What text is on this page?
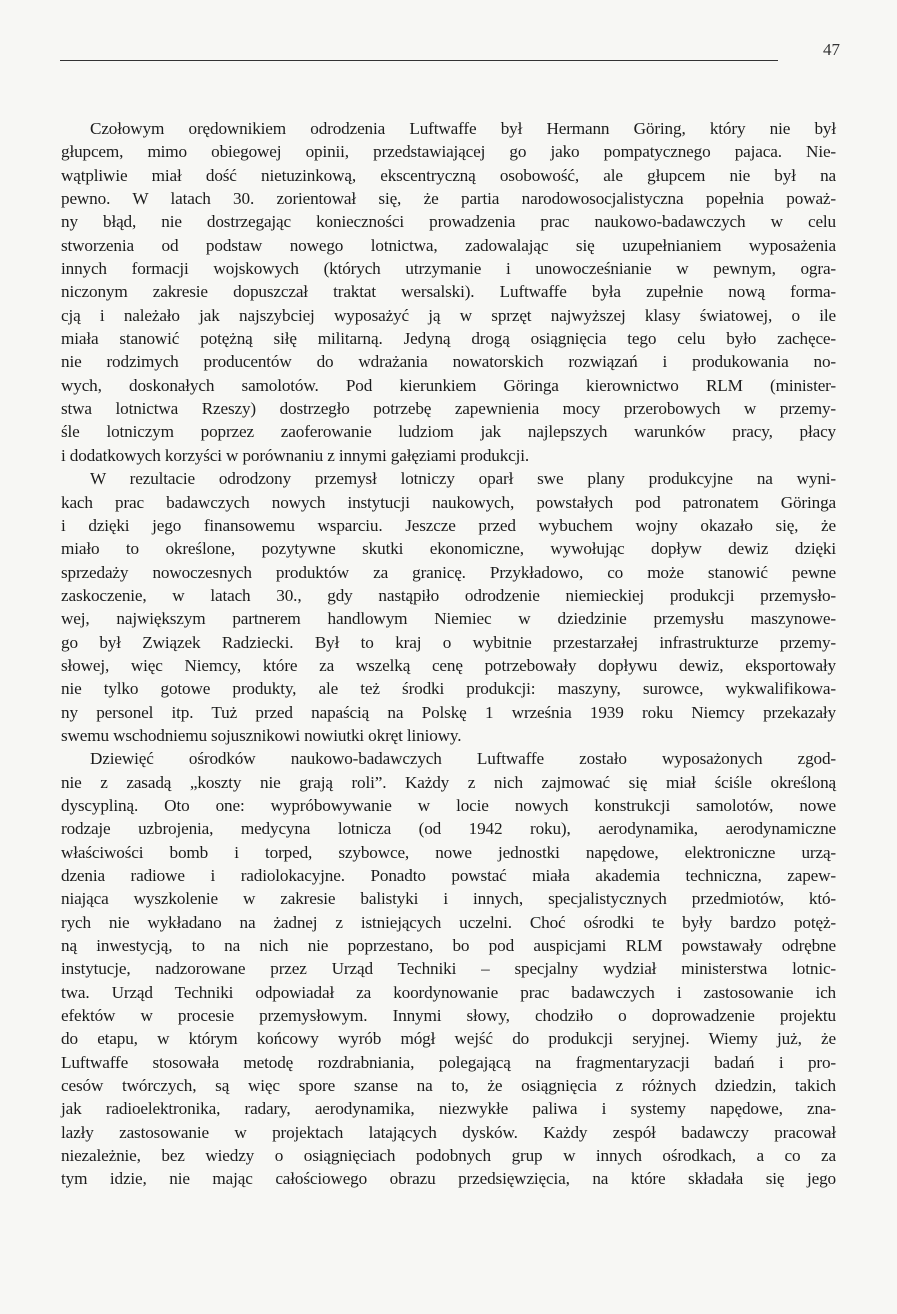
47
Czołowym orędownikiem odrodzenia Luftwaffe był Hermann Göring, który nie był
głupcem, mimo obiegowej opinii, przedstawiającej go jako pompatycznego pajaca. Nie-
wątpliwie miał dość nietuzinkową, ekscentryczną osobowość, ale głupcem nie był na
pewno. W latach 30. zorientował się, że partia narodowosocjalistyczna popełnia poważ-
ny błąd, nie dostrzegając konieczności prowadzenia prac naukowo-badawczych w celu
stworzenia od podstaw nowego lotnictwa, zadowalając się uzupełnianiem wyposażenia
innych formacji wojskowych (których utrzymanie i unowocześnianie w pewnym, ogra-
niczonym zakresie dopuszczał traktat wersalski). Luftwaffe była zupełnie nową forma-
cją i należało jak najszybciej wyposażyć ją w sprzęt najwyższej klasy światowej, o ile
miała stanowić potężną siłę militarną. Jedyną drogą osiągnięcia tego celu było zachęce-
nie rodzimych producentów do wdrażania nowatorskich rozwiązań i produkowania no-
wych, doskonałych samolotów. Pod kierunkiem Göringa kierownictwo RLM (minister-
stwa lotnictwa Rzeszy) dostrzegło potrzebę zapewnienia mocy przerobowych w przemy-
śle lotniczym poprzez zaoferowanie ludziom jak najlepszych warunków pracy, płacy
i dodatkowych korzyści w porównaniu z innymi gałęziami produkcji.
W rezultacie odrodzony przemysł lotniczy oparł swe plany produkcyjne na wyni-
kach prac badawczych nowych instytucji naukowych, powstałych pod patronatem Göringa
i dzięki jego finansowemu wsparciu. Jeszcze przed wybuchem wojny okazało się, że
miało to określone, pozytywne skutki ekonomiczne, wywołując dopływ dewiz dzięki
sprzedaży nowoczesnych produktów za granicę. Przykładowo, co może stanowić pewne
zaskoczenie, w latach 30., gdy nastąpiło odrodzenie niemieckiej produkcji przemysło-
wej, największym partnerem handlowym Niemiec w dziedzinie przemysłu maszynowe-
go był Związek Radziecki. Był to kraj o wybitnie przestarzałej infrastrukturze przemy-
słowej, więc Niemcy, które za wszelką cenę potrzebowały dopływu dewiz, eksportowały
nie tylko gotowe produkty, ale też środki produkcji: maszyny, surowce, wykwalifikowa-
ny personel itp. Tuż przed napaścią na Polskę 1 września 1939 roku Niemcy przekazały
swemu wschodniemu sojusznikowi nowiutki okręt liniowy.
Dziewięć ośrodków naukowo-badawczych Luftwaffe zostało wyposażonych zgod-
nie z zasadą „koszty nie grają roli”. Każdy z nich zajmować się miał ściśle określoną
dyscypliną. Oto one: wypróbowywanie w locie nowych konstrukcji samolotów, nowe
rodzaje uzbrojenia, medycyna lotnicza (od 1942 roku), aerodynamika, aerodynamiczne
właściwości bomb i torped, szybowce, nowe jednostki napędowe, elektroniczne urzą-
dzenia radiowe i radiolokacyjne. Ponadto powstać miała akademia techniczna, zapew-
niająca wyszkolenie w zakresie balistyki i innych, specjalistycznych przedmiotów, któ-
rych nie wykładano na żadnej z istniejących uczelni. Choć ośrodki te były bardzo potęż-
ną inwestycją, to na nich nie poprzestano, bo pod auspicjami RLM powstawały odrębne
instytucje, nadzorowane przez Urząd Techniki – specjalny wydział ministerstwa lotnic-
twa. Urząd Techniki odpowiadał za koordynowanie prac badawczych i zastosowanie ich
efektów w procesie przemysłowym. Innymi słowy, chodziło o doprowadzenie projektu
do etapu, w którym końcowy wyrób mógł wejść do produkcji seryjnej. Wiemy już, że
Luftwaffe stosowała metodę rozdrabniania, polegającą na fragmentaryzacji badań i pro-
cesów twórczych, są więc spore szanse na to, że osiągnięcia z różnych dziedzin, takich
jak radioelektronika, radary, aerodynamika, niezwykłe paliwa i systemy napędowe, zna-
lazły zastosowanie w projektach latających dysków. Każdy zespół badawczy pracował
niezależnie, bez wiedzy o osiągnięciach podobnych grup w innych ośrodkach, a co za
tym idzie, nie mając całościowego obrazu przedsięwzięcia, na które składała się jego
